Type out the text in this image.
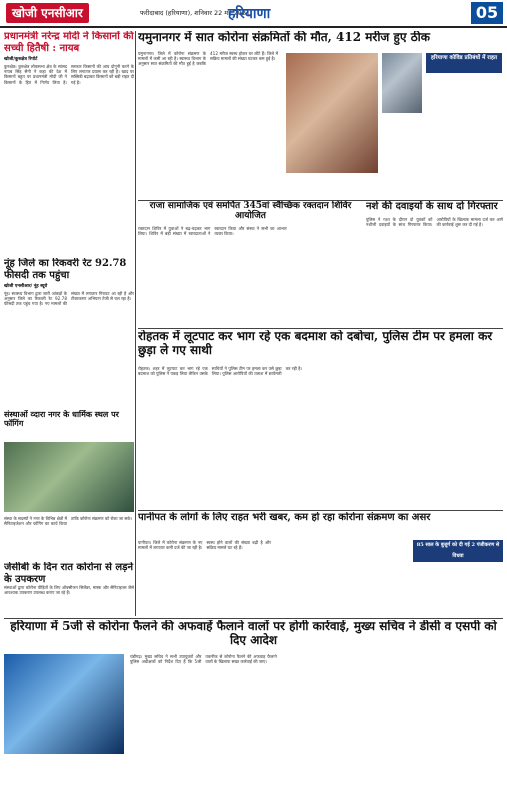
खोजी एनसीआर	फरीदाबाद (हरियाणा), शनिवार 22 मई 2021
हरियाणा	05
प्रधानमंत्री नरेन्द्र मोदी ने किसानों की सच्ची हितैषी : नायब
खोजी/कुरुक्षेत्र रिपोर्ट
कुरुक्षेत्र। कुरुक्षेत्र लोकसभा क्षेत्र के सांसद नायब सिंह सैनी ने कहा की देश में किसानों बहुत पर प्रधानमंत्री मोदी जी ने किसानों के हित में निर्णय लिया है। सरकार किसानों की आय दोगुनी करने के लिए लगातार प्रयास कर रही है। खाद पर सब्सिडी बढ़ाकर किसानों को बड़ी राहत दी गई है।
नूंह जिले का रिकवरी रेट 92.78 फीसदी तक पहुंचा
खोजी एनसीआर/ नूंह ब्यूरो
नूंह। स्वास्थ्य विभाग द्वारा जारी आंकड़ों के अनुसार जिले का रिकवरी रेट 92.78 फीसदी तक पहुंच गया है। नए मामलों की संख्या में लगातार गिरावट आ रही है और टीकाकरण अभियान तेजी से चल रहा है।
संस्थाओं व्दारा नगर के धार्मिक स्थल पर फॉगिंग
संस्था के सदस्यों ने नगर के विभिन्न क्षेत्रों में सैनिटाइजेशन और फॉगिंग का कार्य किया ताकि कोरोना संक्रमण को रोका जा सके।
जेसीबी के दिन रात कोरोना से लड़ने के उपकरण
संस्थाओं द्वारा कोरोना पीड़ितों के लिए ऑक्सीजन सिलेंडर, मास्क और सैनिटाइजर जैसे आवश्यक उपकरण उपलब्ध कराए जा रहे हैं।
यमुनानगर में सात कोरोना संक्रमितों की मौत, 412 मरीज हुए ठीक
यमुनानगर। जिले में कोरोना संक्रमण के मामलों में कमी आ रही है। स्वास्थ्य विभाग के अनुसार सात संक्रमितों की मौत हुई है जबकि 412 मरीज स्वस्थ होकर घर लौटे हैं। जिले में सक्रिय मामलों की संख्या घटकर कम हुई है।	हरियाणा कोविड प्रतिबंधों में राहत
राजा सामाजिक एवं समर्पित 345वां स्वैच्छिक रक्तदान शिविर आयोजित
रक्तदान शिविर में युवाओं ने बढ़-चढ़कर भाग लिया। शिविर में बड़ी संख्या में रक्तदाताओं ने रक्तदान किया और संस्था ने सभी का आभार व्यक्त किया।
नशे की दवाइयों के साथ दो गिरफ्तार
पुलिस ने गश्त के दौरान दो युवकों को नशीली दवाइयों के साथ गिरफ्तार किया। आरोपियों के खिलाफ मामला दर्ज कर आगे की कार्रवाई शुरू कर दी गई है।
रोहतक में लूटपाट कर भाग रहे एक बदमाश को दबोचा, पुलिस टीम पर हमला कर छुड़ा ले गए साथी
रोहतक। शहर में लूटपाट कर भाग रहे एक बदमाश को पुलिस ने पकड़ लिया लेकिन उसके साथियों ने पुलिस टीम पर हमला कर उसे छुड़ा लिया। पुलिस आरोपियों की तलाश में छापेमारी कर रही है।
पानीपत के लोगों के लिए राहत भरी खबर, कम हो रहा कोरोना संक्रमण का असर
पानीपत। जिले में कोरोना संक्रमण के नए मामलों में लगातार कमी दर्ज की जा रही है। स्वस्थ होने वालों की संख्या बढ़ी है और सक्रिय मामले घट रहे हैं।	85 साल के बुजुर्ग को दी गई 2 पंजीकरण से विधवा
हरियाणा में 5जी से कोरोना फैलने की अफवाहें फैलाने वालों पर होगी कार्रवाई, मुख्य सचिव ने डीसी व एसपी को दिए आदेश
चंडीगढ़। मुख्य सचिव ने सभी उपायुक्तों और पुलिस अधीक्षकों को निर्देश दिए हैं कि 5जी तकनीक से कोरोना फैलने की अफवाह फैलाने वालों के खिलाफ सख्त कार्रवाई की जाए।
